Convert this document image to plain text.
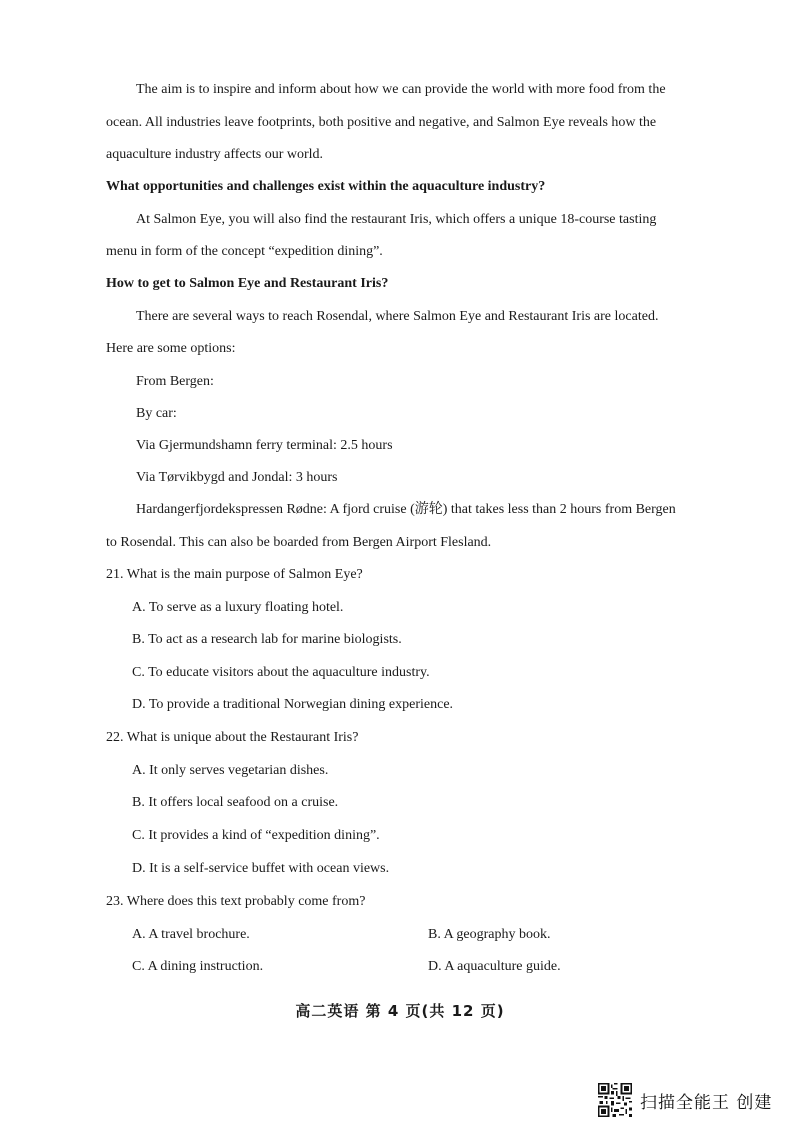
The aim is to inspire and inform about how we can provide the world with more food from the
ocean. All industries leave footprints, both positive and negative, and Salmon Eye reveals how the
aquaculture industry affects our world.
What opportunities and challenges exist within the aquaculture industry?
At Salmon Eye, you will also find the restaurant Iris, which offers a unique 18-course tasting
menu in form of the concept “expedition dining”.
How to get to Salmon Eye and Restaurant Iris?
There are several ways to reach Rosendal, where Salmon Eye and Restaurant Iris are located.
Here are some options:
From Bergen:
By car:
Via Gjermundshamn ferry terminal: 2.5 hours
Via Tørvikbygd and Jondal: 3 hours
Hardangerfjordekspressen Rødne: A fjord cruise (游轮) that takes less than 2 hours from Bergen
to Rosendal. This can also be boarded from Bergen Airport Flesland.
21. What is the main purpose of Salmon Eye?
A. To serve as a luxury floating hotel.
B. To act as a research lab for marine biologists.
C. To educate visitors about the aquaculture industry.
D. To provide a traditional Norwegian dining experience.
22. What is unique about the Restaurant Iris?
A. It only serves vegetarian dishes.
B. It offers local seafood on a cruise.
C. It provides a kind of “expedition dining”.
D. It is a self-service buffet with ocean views.
23. Where does this text probably come from?
A. A travel brochure.	B. A geography book.
C. A dining instruction.	D. A aquaculture guide.
高二英语 第 4 页(共 12 页)
扫描全能王 创建
